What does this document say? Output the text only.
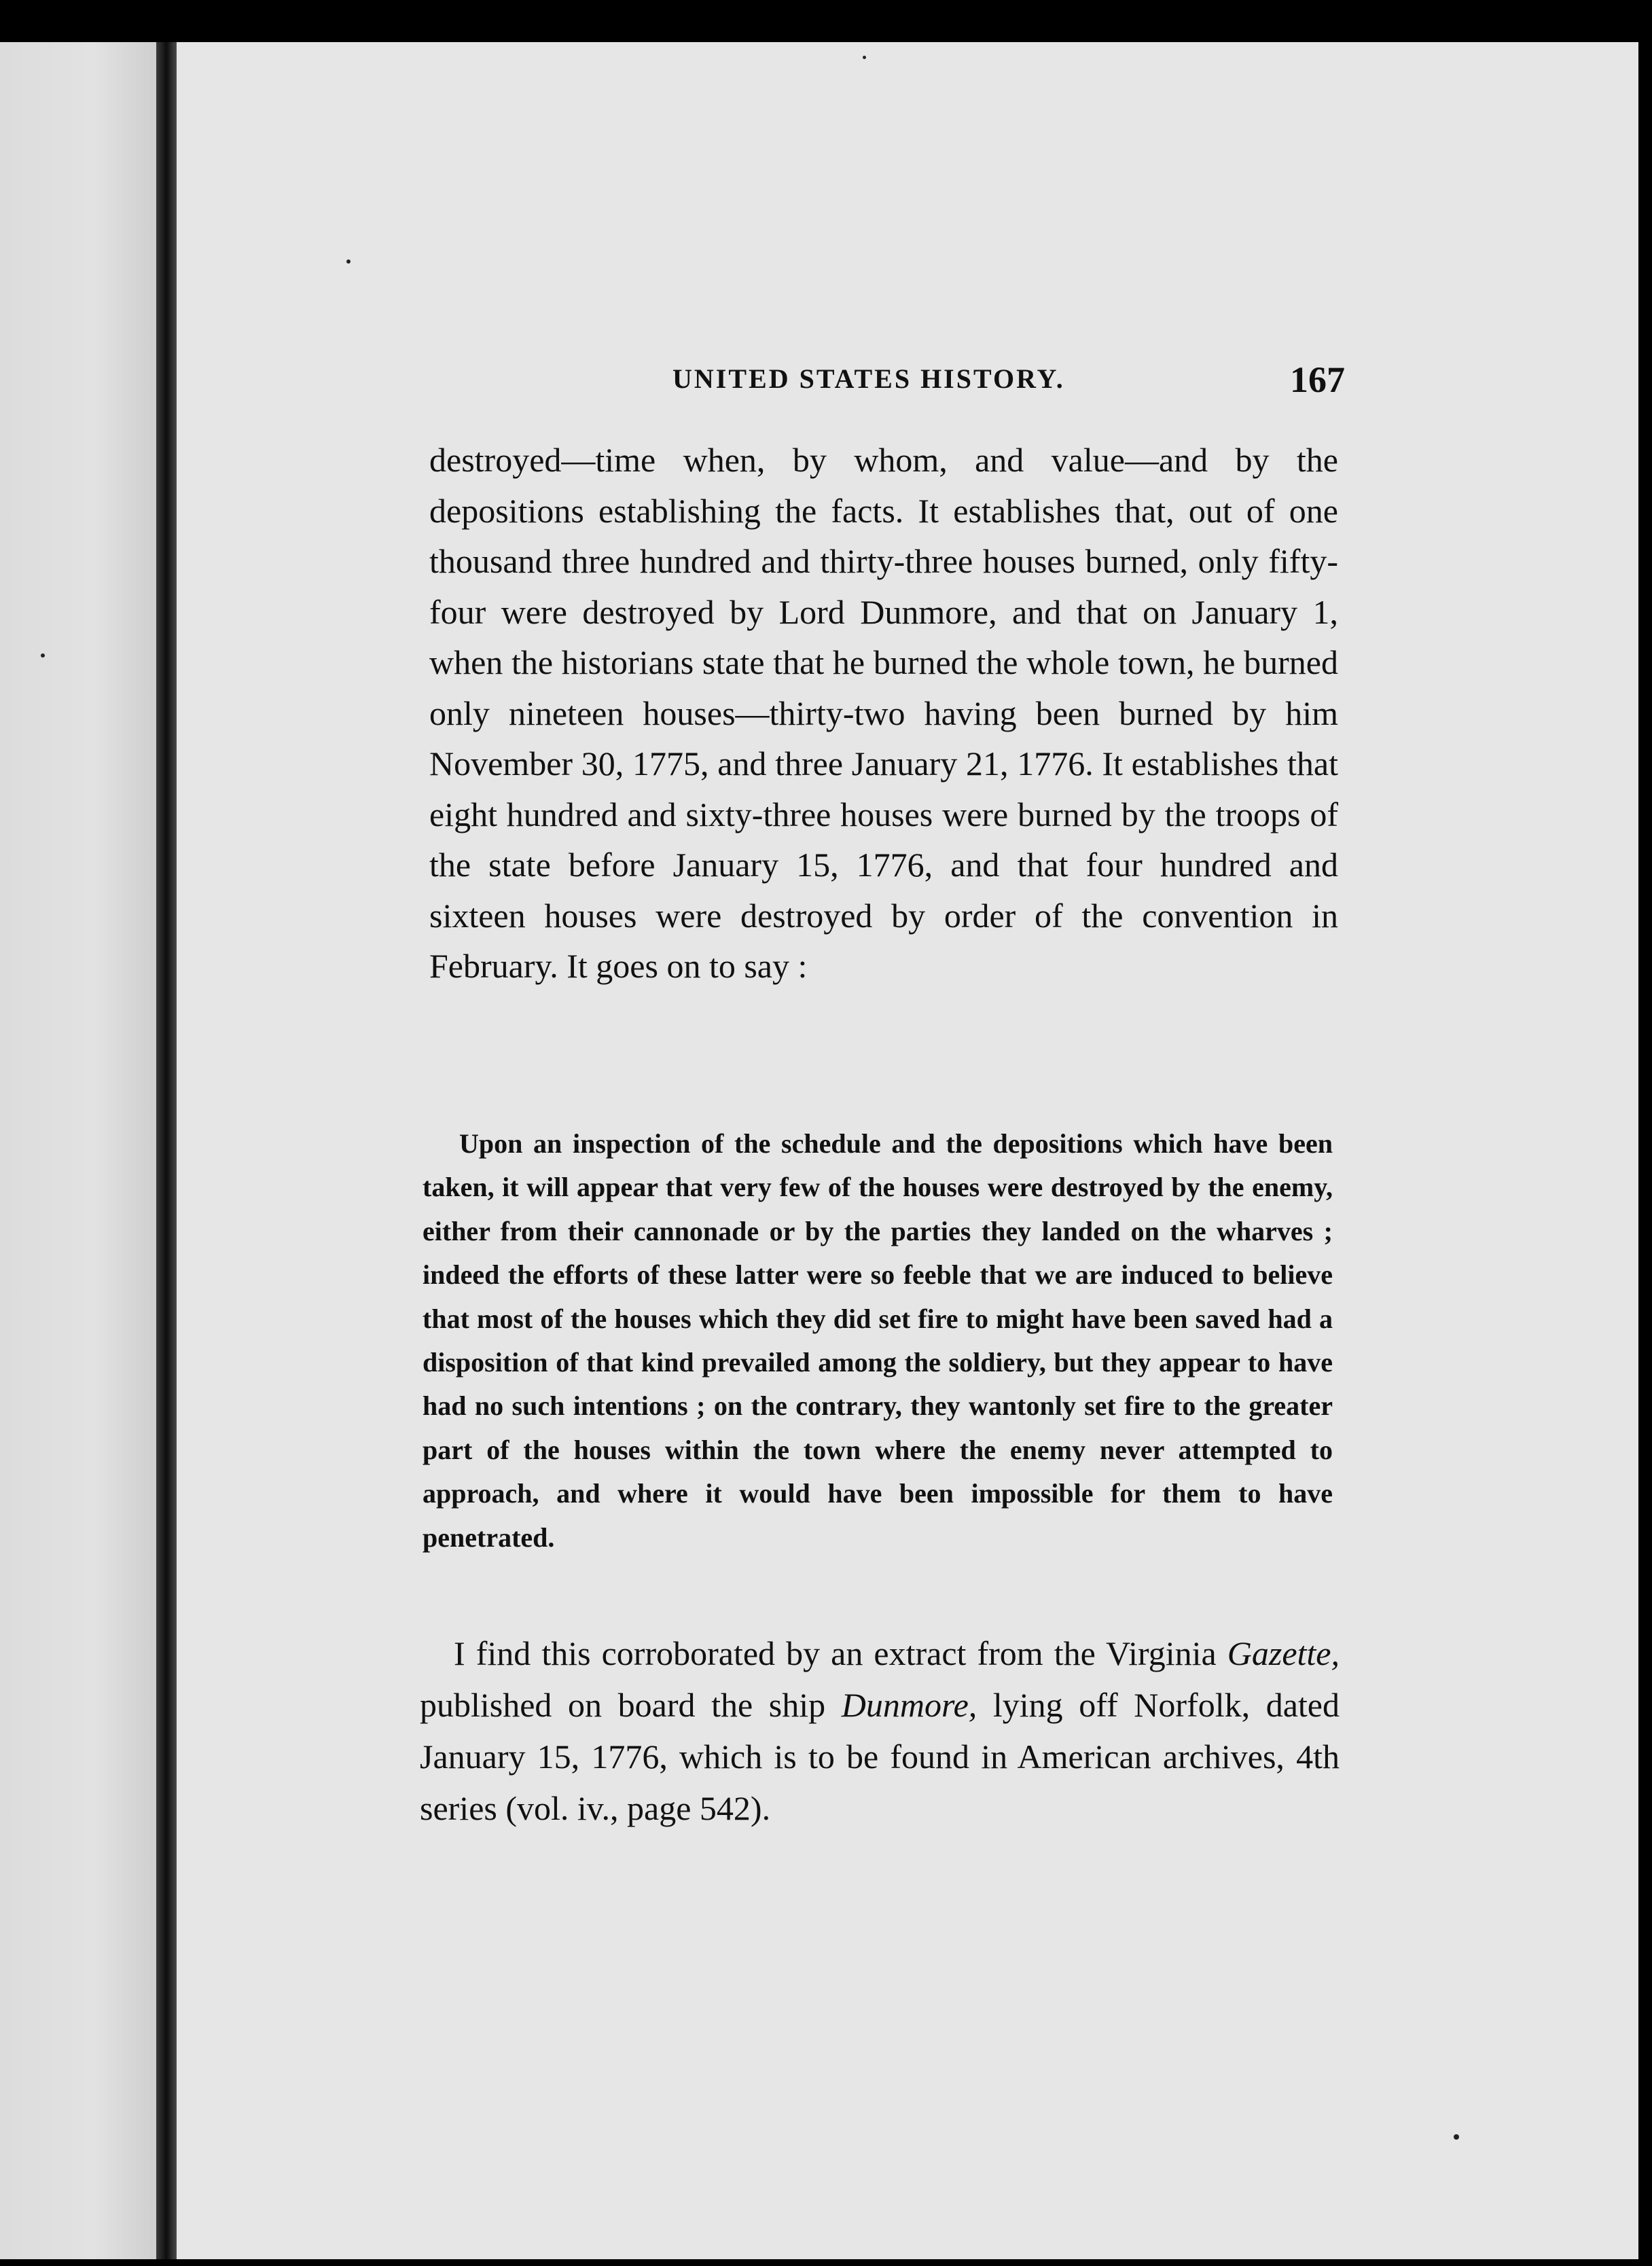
UNITED STATES HISTORY.	167

destroyed—time when, by whom, and value—and by the depositions establishing the facts. It establishes that, out of one thousand three hundred and thirty-three houses burned, only fifty-four were destroyed by Lord Dunmore, and that on January 1, when the historians state that he burned the whole town, he burned only nineteen houses—thirty-two having been burned by him November 30, 1775, and three January 21, 1776. It establishes that eight hundred and sixty-three houses were burned by the troops of the state before January 15, 1776, and that four hundred and sixteen houses were destroyed by order of the convention in February. It goes on to say :

Upon an inspection of the schedule and the depositions which have been taken, it will appear that very few of the houses were destroyed by the enemy, either from their cannonade or by the parties they landed on the wharves ; indeed the efforts of these latter were so feeble that we are induced to believe that most of the houses which they did set fire to might have been saved had a disposition of that kind prevailed among the soldiery, but they appear to have had no such intentions ; on the contrary, they wantonly set fire to the greater part of the houses within the town where the enemy never attempted to approach, and where it would have been impossible for them to have penetrated.

I find this corroborated by an extract from the Virginia Gazette, published on board the ship Dunmore, lying off Norfolk, dated January 15, 1776, which is to be found in American archives, 4th series (vol. iv., page 542).
